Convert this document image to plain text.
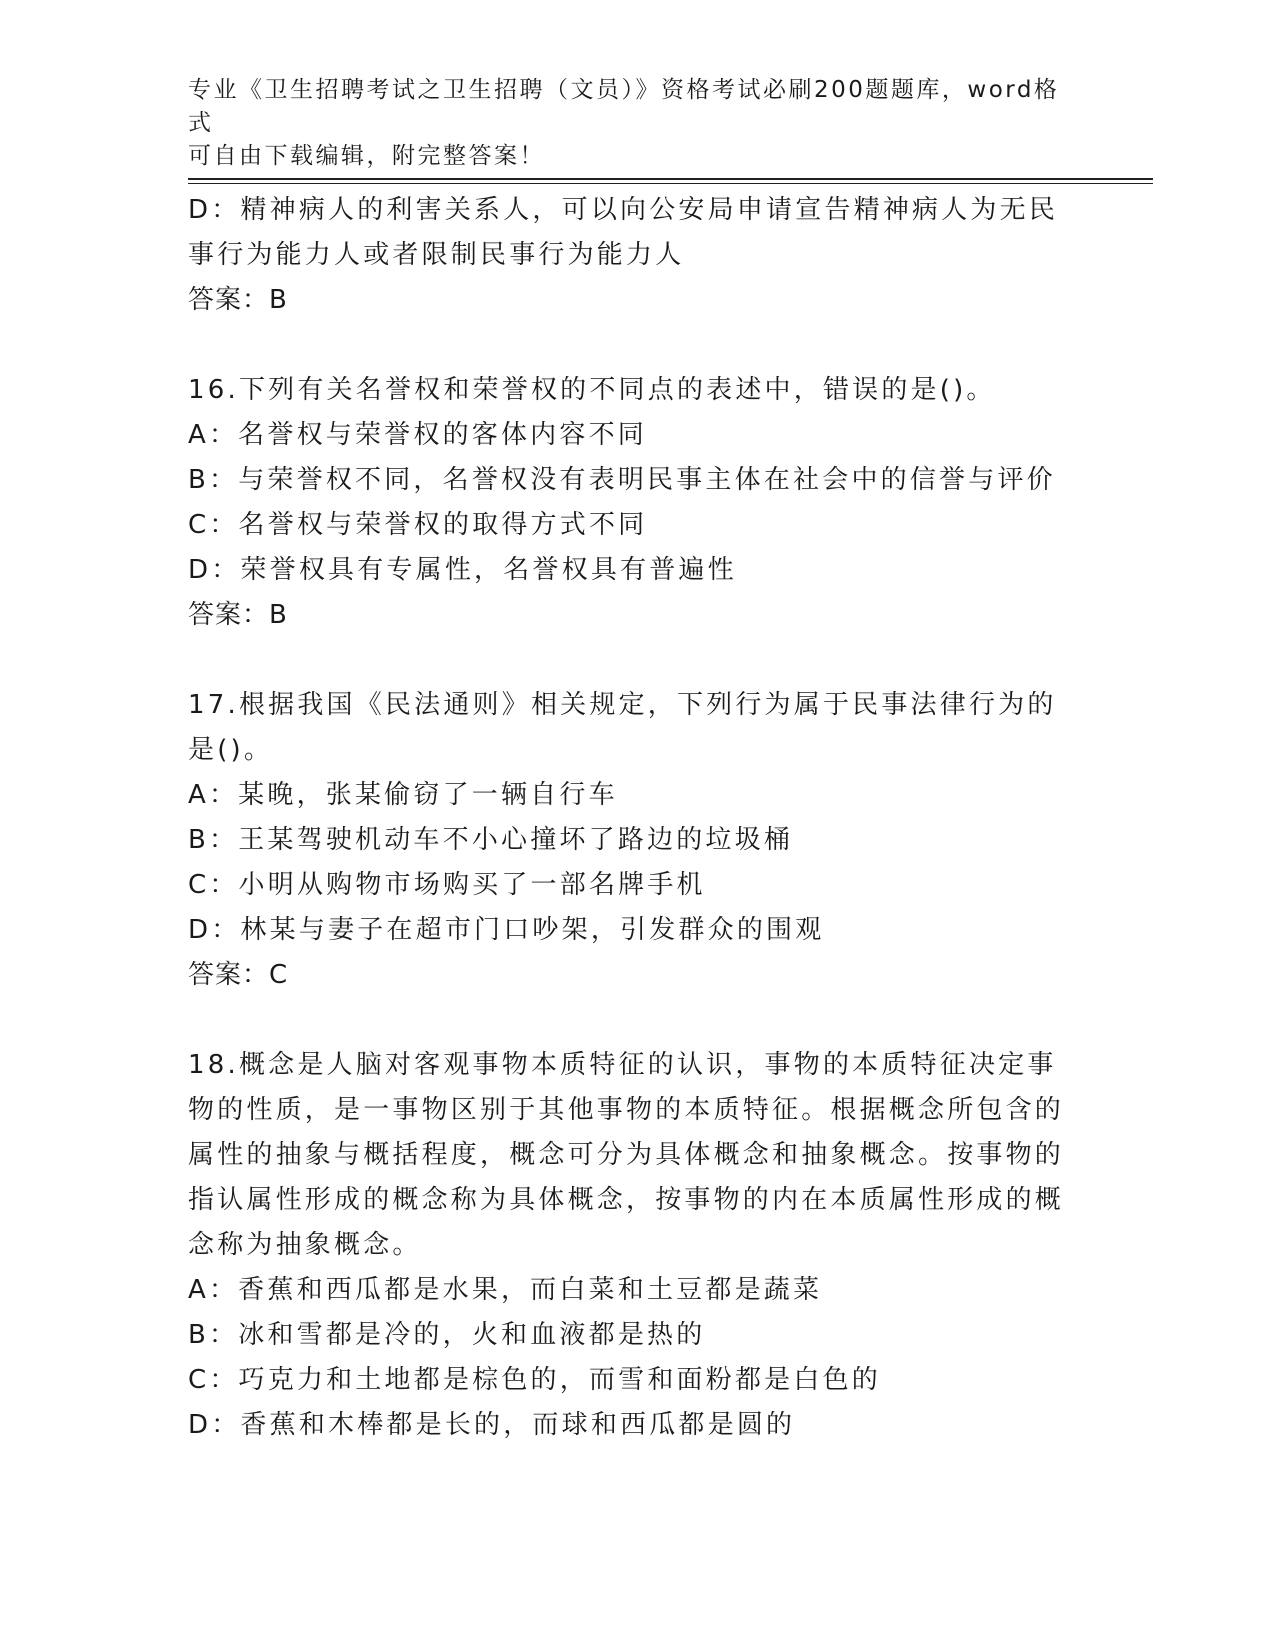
专业《卫生招聘考试之卫生招聘（文员）》资格考试必刷200题题库，word格式
可自由下载编辑，附完整答案！

D：精神病人的利害关系人，可以向公安局申请宣告精神病人为无民事行为能力人或者限制民事行为能力人

答案：B

16.下列有关名誉权和荣誉权的不同点的表述中，错误的是()。

A：名誉权与荣誉权的客体内容不同

B：与荣誉权不同，名誉权没有表明民事主体在社会中的信誉与评价

C：名誉权与荣誉权的取得方式不同

D：荣誉权具有专属性，名誉权具有普遍性

答案：B

17.根据我国《民法通则》相关规定，下列行为属于民事法律行为的是()。

A：某晚，张某偷窃了一辆自行车

B：王某驾驶机动车不小心撞坏了路边的垃圾桶

C：小明从购物市场购买了一部名牌手机

D：林某与妻子在超市门口吵架，引发群众的围观

答案：C

18.概念是人脑对客观事物本质特征的认识，事物的本质特征决定事物的性质，是一事物区别于其他事物的本质特征。根据概念所包含的属性的抽象与概括程度，概念可分为具体概念和抽象概念。按事物的指认属性形成的概念称为具体概念，按事物的内在本质属性形成的概念称为抽象概念。

A：香蕉和西瓜都是水果，而白菜和土豆都是蔬菜

B：冰和雪都是冷的，火和血液都是热的

C：巧克力和土地都是棕色的，而雪和面粉都是白色的

D：香蕉和木棒都是长的，而球和西瓜都是圆的
